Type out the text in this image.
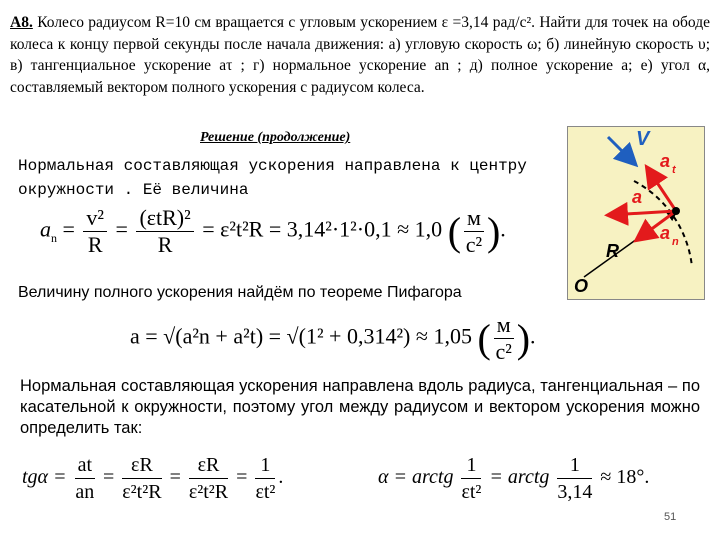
А8. Колесо радиусом R=10 см вращается с угловым ускорением ε =3,14 рад/с². Найти для точек на ободе колеса к концу первой секунды после начала движения: а) угловую скорость ω; б) линейную скорость υ; в) тангенциальное ускорение aτ ; г) нормальное ускорение an ; д) полное ускорение a; е) угол α, составляемый вектором полного ускорения с радиусом колеса.
Решение (продолжение)
Нормальная составляющая ускорения направлена к центру окружности . Её величина
$a_n = \frac{\text{v²}}{R} = \frac{\text{(εtR)²}}{R} = \varepsilon^2t^2R = 3,14^2\cdot 1^2\cdot 0,1 \approx 1,0$ ( $\frac{м}{\text{с²}}$ ).
Величину полного ускорения найдём по теореме Пифагора
a = √(a²n + a²t) = √(1² + 0,314²) ≈ 1,05 ( $\frac{м}{\text{с²}}$ ).
Нормальная составляющая ускорения направлена вдоль радиуса, тангенциальная – по касательной к окружности, поэтому угол между радиусом и вектором ускорения можно определить так:
$tg\alpha = \frac{at}{an} = \frac{\varepsilon R}{\text{ε²t²R}} = \frac{\varepsilon R}{\text{ε²t²R}} = \frac{1}{\text{εt²}}$ .	α = arctg $\frac{1}{\text{εt²}}$ = arctg $\frac{1}{3,14} \approx 18^\circ$.
V
a t
a
a n
R
O
51
